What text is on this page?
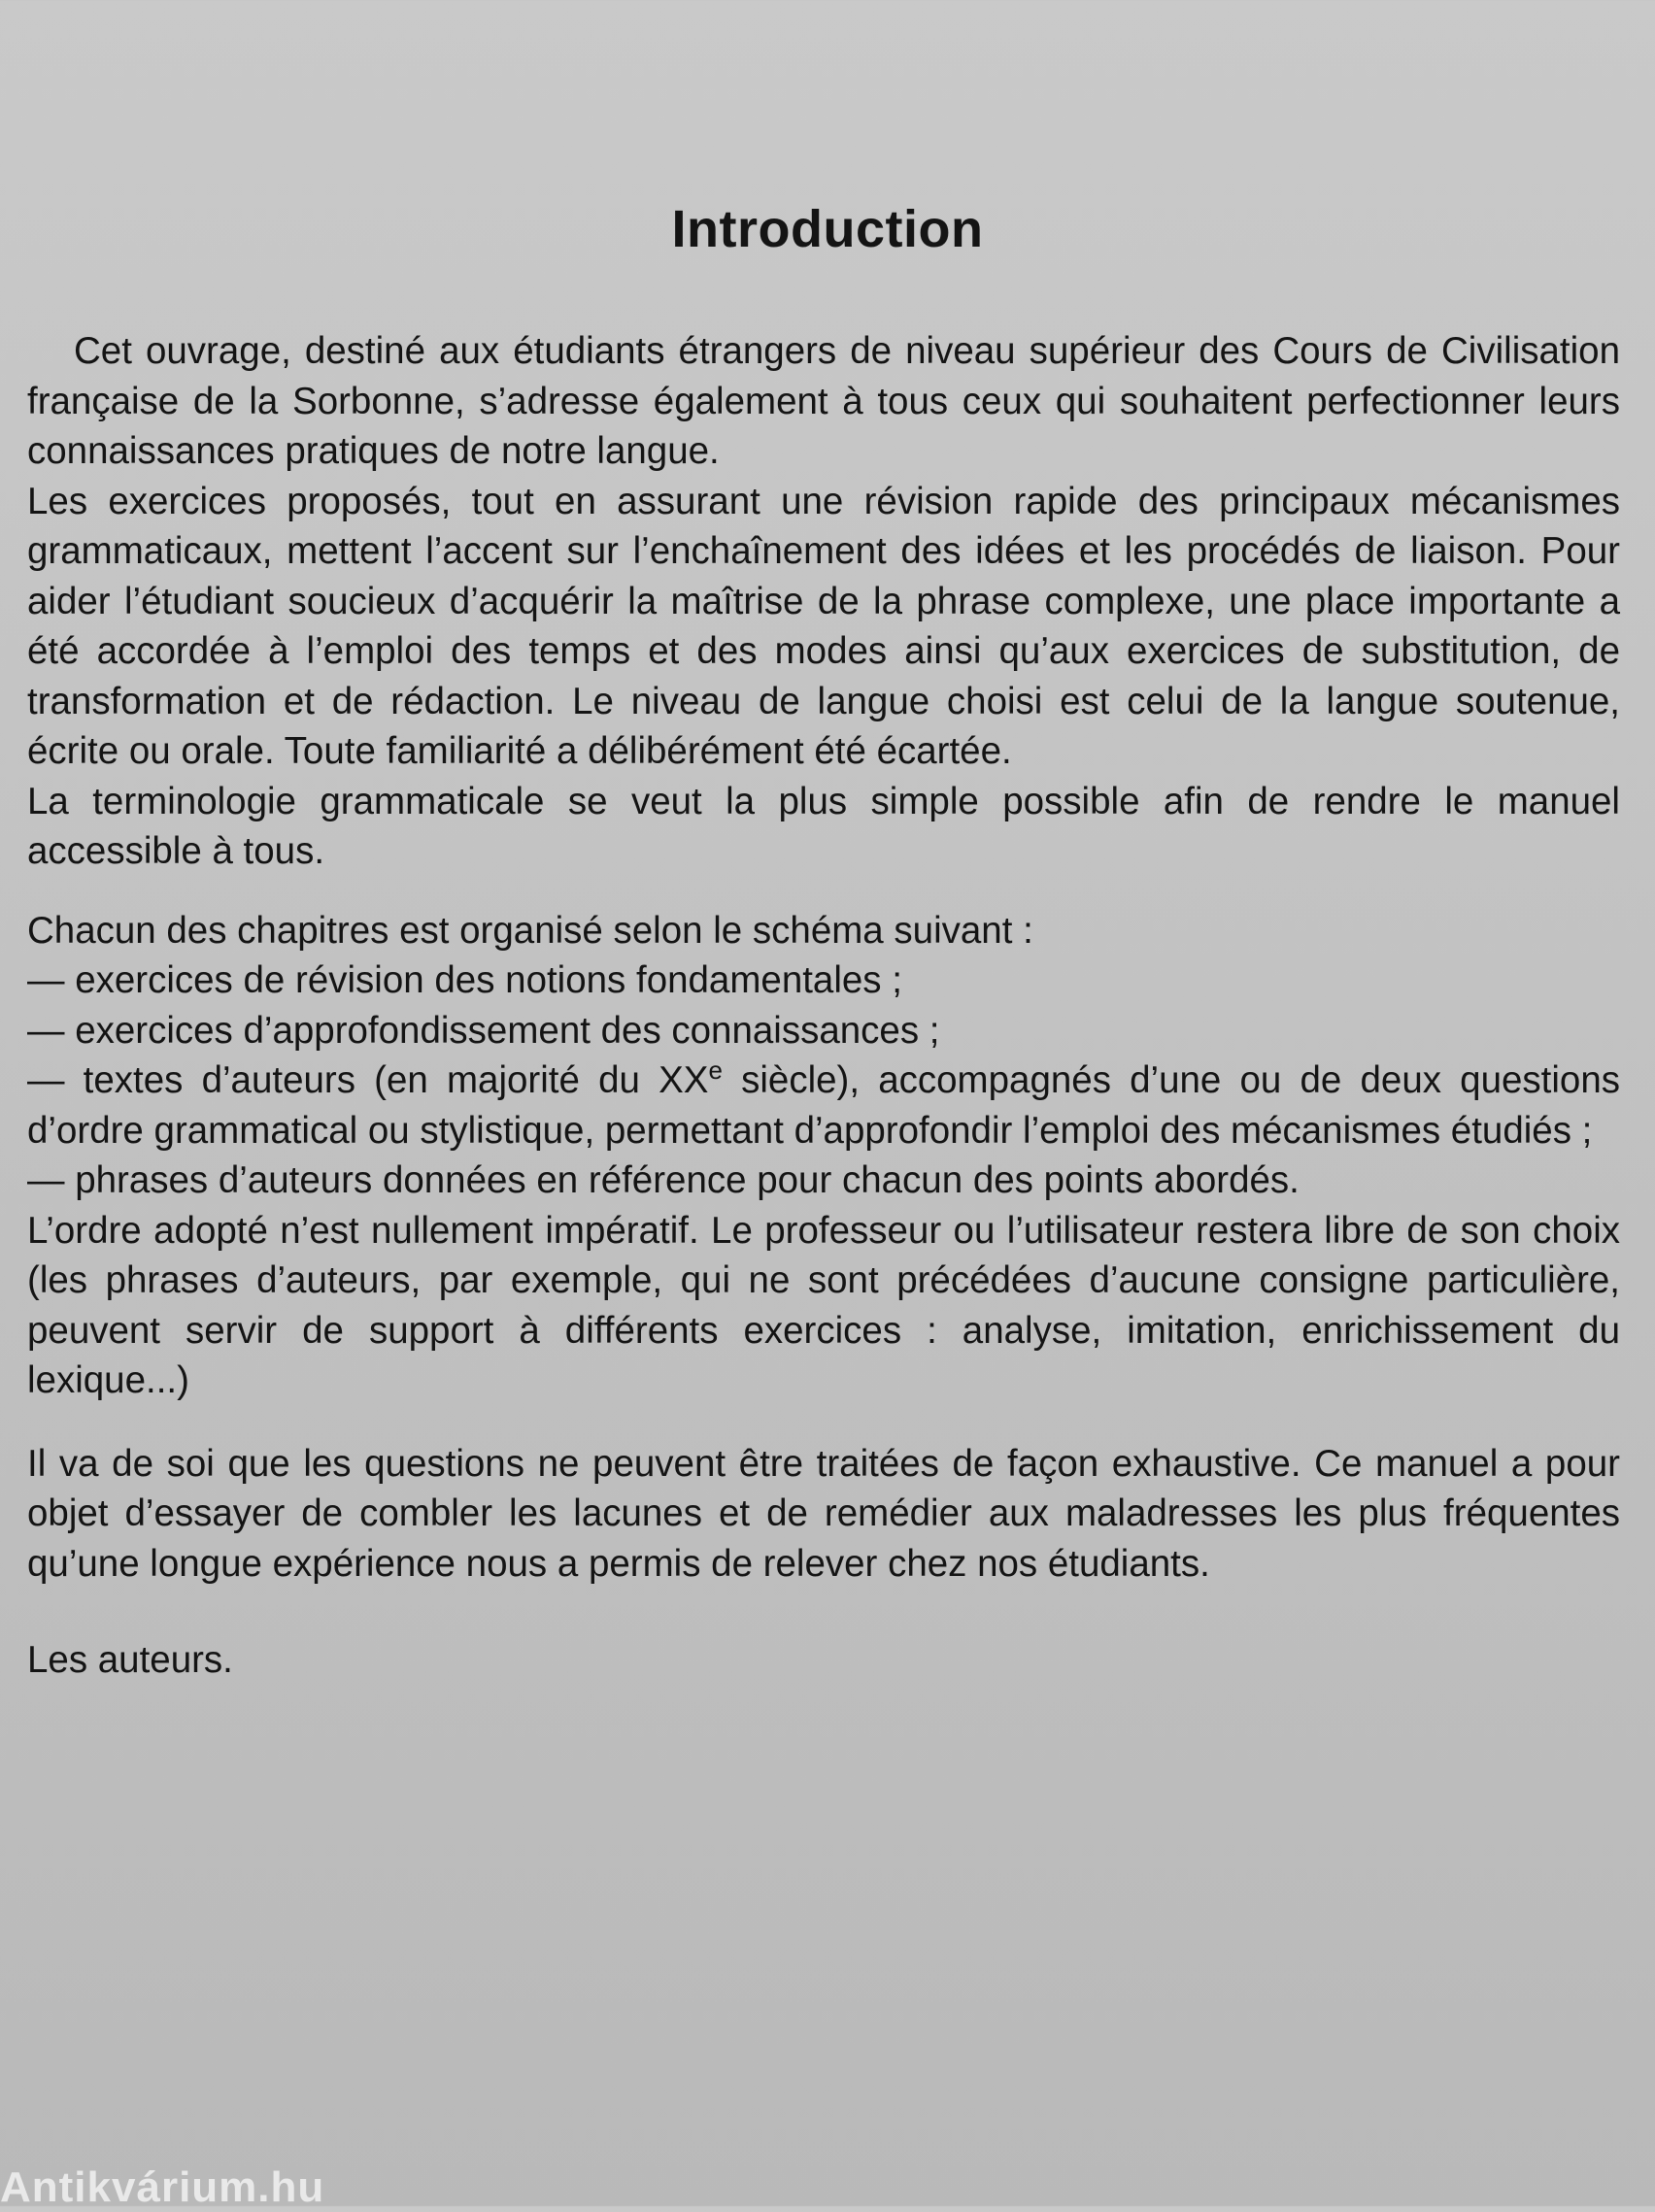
Introduction

Cet ouvrage, destiné aux étudiants étrangers de niveau supérieur des Cours de Civilisation française de la Sorbonne, s’adresse également à tous ceux qui souhaitent perfectionner leurs connaissances pratiques de notre langue.

Les exercices proposés, tout en assurant une révision rapide des principaux mécanismes grammaticaux, mettent l’accent sur l’enchaînement des idées et les procédés de liaison. Pour aider l’étudiant soucieux d’acquérir la maîtrise de la phrase complexe, une place importante a été accordée à l’emploi des temps et des modes ainsi qu’aux exercices de substitution, de transformation et de rédaction. Le niveau de langue choisi est celui de la langue soutenue, écrite ou orale. Toute familiarité a délibérément été écartée.

La terminologie grammaticale se veut la plus simple possible afin de rendre le manuel accessible à tous.

Chacun des chapitres est organisé selon le schéma suivant :

— exercices de révision des notions fondamentales ;

— exercices d’approfondissement des connaissances ;

— textes d’auteurs (en majorité du XXe siècle), accompagnés d’une ou de deux questions d’ordre grammatical ou stylistique, permettant d’approfondir l’emploi des mécanismes étudiés ;

— phrases d’auteurs données en référence pour chacun des points abordés.

L’ordre adopté n’est nullement impératif. Le professeur ou l’utilisateur restera libre de son choix (les phrases d’auteurs, par exemple, qui ne sont précédées d’aucune consigne particulière, peuvent servir de support à différents exercices : analyse, imitation, enrichissement du lexique...)

Il va de soi que les questions ne peuvent être traitées de façon exhaustive. Ce manuel a pour objet d’essayer de combler les lacunes et de remédier aux maladresses les plus fréquentes qu’une longue expérience nous a permis de relever chez nos étudiants.

Les auteurs.

Antikvárium.hu
